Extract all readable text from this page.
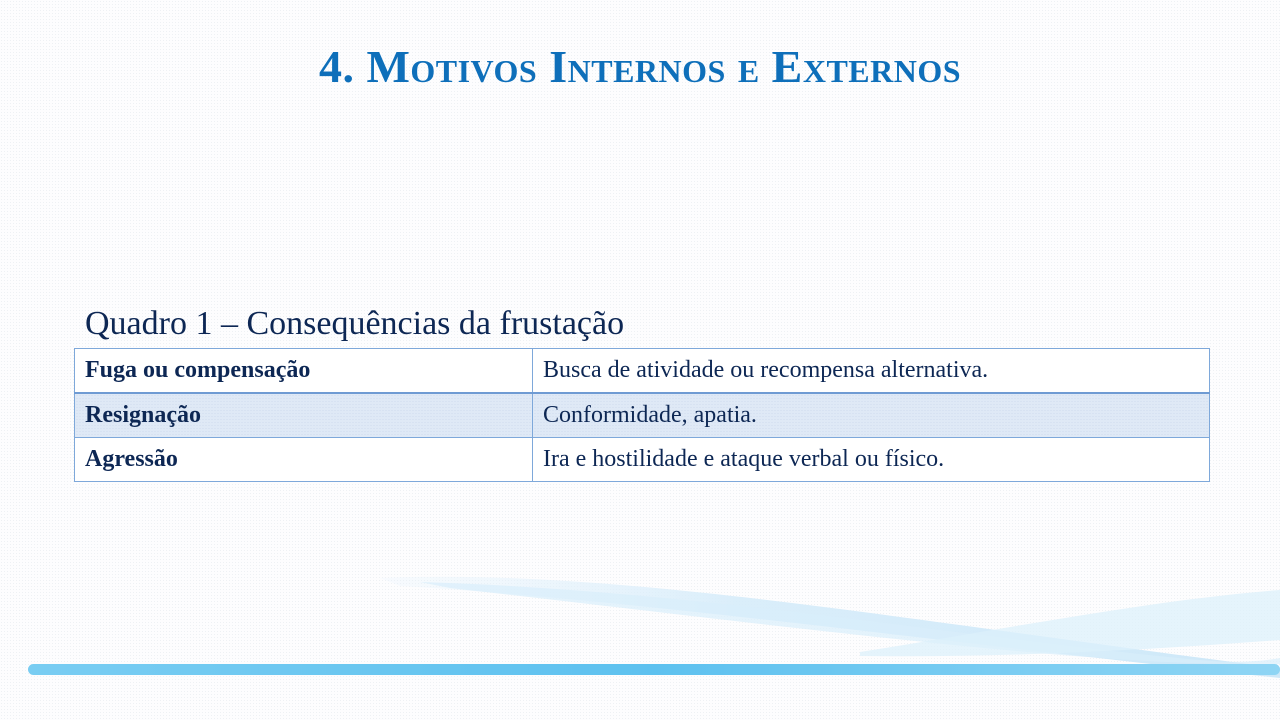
4. Motivos Internos e Externos
Quadro 1 – Consequências da frustação
Fuga ou compensação	Busca de atividade ou recompensa alternativa.
Resignação	Conformidade, apatia.
Agressão	Ira e hostilidade e ataque verbal ou físico.
